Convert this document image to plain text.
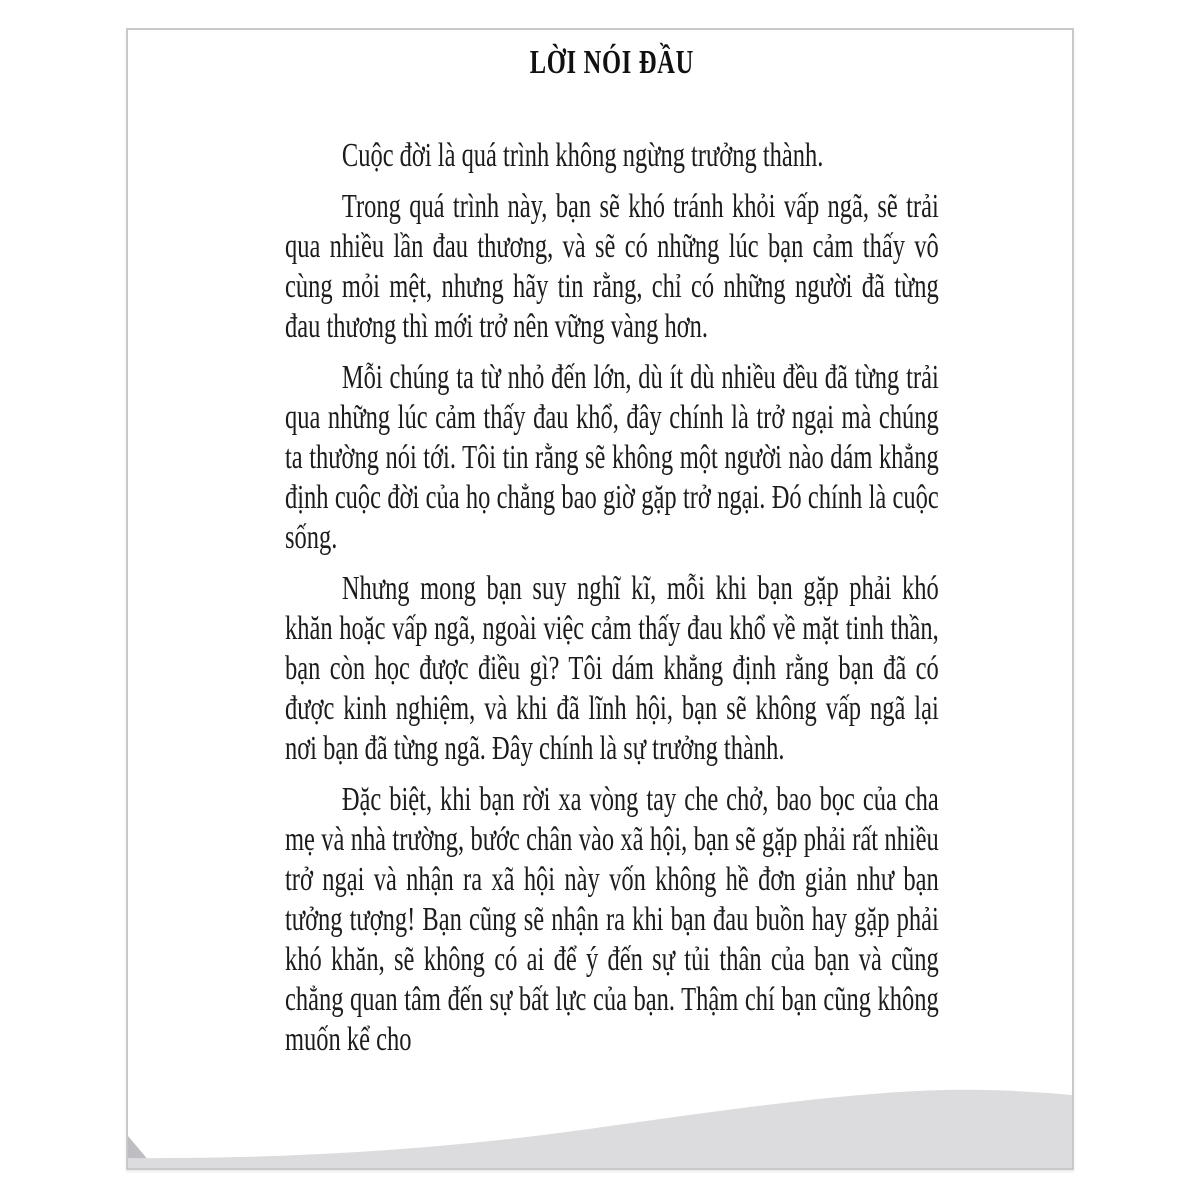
LỜI NÓI ĐẦU

Cuộc đời là quá trình không ngừng trưởng thành.

Trong quá trình này, bạn sẽ khó tránh khỏi vấp ngã, sẽ trải qua nhiều lần đau thương, và sẽ có những lúc bạn cảm thấy vô cùng mỏi mệt, nhưng hãy tin rằng, chỉ có những người đã từng đau thương thì mới trở nên vững vàng hơn.

Mỗi chúng ta từ nhỏ đến lớn, dù ít dù nhiều đều đã từng trải qua những lúc cảm thấy đau khổ, đây chính là trở ngại mà chúng ta thường nói tới. Tôi tin rằng sẽ không một người nào dám khẳng định cuộc đời của họ chẳng bao giờ gặp trở ngại. Đó chính là cuộc sống.

Nhưng mong bạn suy nghĩ kĩ, mỗi khi bạn gặp phải khó khăn hoặc vấp ngã, ngoài việc cảm thấy đau khổ về mặt tinh thần, bạn còn học được điều gì? Tôi dám khẳng định rằng bạn đã có được kinh nghiệm, và khi đã lĩnh hội, bạn sẽ không vấp ngã lại nơi bạn đã từng ngã. Đây chính là sự trưởng thành.

Đặc biệt, khi bạn rời xa vòng tay che chở, bao bọc của cha mẹ và nhà trường, bước chân vào xã hội, bạn sẽ gặp phải rất nhiều trở ngại và nhận ra xã hội này vốn không hề đơn giản như bạn tưởng tượng! Bạn cũng sẽ nhận ra khi bạn đau buồn hay gặp phải khó khăn, sẽ không có ai để ý đến sự tủi thân của bạn và cũng chẳng quan tâm đến sự bất lực của bạn. Thậm chí bạn cũng không muốn kể cho
